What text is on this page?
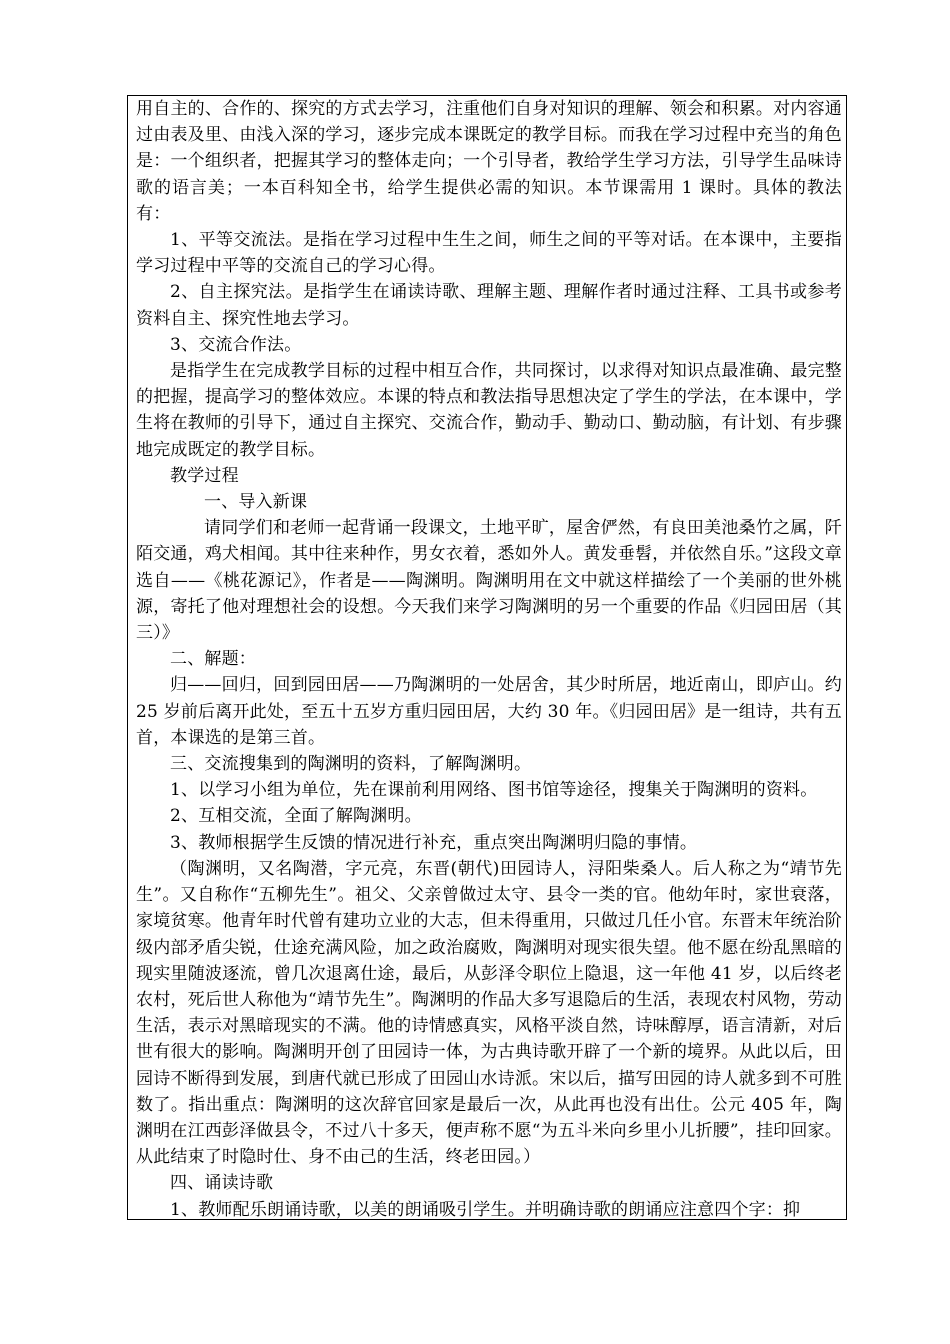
用自主的、合作的、探究的方式去学习，注重他们自身对知识的理解、领会和积累。对内容通过由表及里、由浅入深的学习，逐步完成本课既定的教学目标。而我在学习过程中充当的角色是：一个组织者，把握其学习的整体走向；一个引导者，教给学生学习方法，引导学生品味诗歌的语言美；一本百科知全书，给学生提供必需的知识。本节课需用 1 课时。具体的教法有：

1、平等交流法。是指在学习过程中生生之间，师生之间的平等对话。在本课中，主要指学习过程中平等的交流自己的学习心得。

2、自主探究法。是指学生在诵读诗歌、理解主题、理解作者时通过注释、工具书或参考资料自主、探究性地去学习。

3、交流合作法。

是指学生在完成教学目标的过程中相互合作，共同探讨，以求得对知识点最准确、最完整的把握，提高学习的整体效应。本课的特点和教法指导思想决定了学生的学法，在本课中，学生将在教师的引导下，通过自主探究、交流合作，勤动手、勤动口、勤动脑，有计划、有步骤地完成既定的教学目标。

教学过程

一、导入新课

请同学们和老师一起背诵一段课文，土地平旷，屋舍俨然，有良田美池桑竹之属，阡陌交通，鸡犬相闻。其中往来种作，男女衣着，悉如外人。黄发垂髫，并依然自乐。”这段文章选自——《桃花源记》，作者是——陶渊明。陶渊明用在文中就这样描绘了一个美丽的世外桃源，寄托了他对理想社会的设想。今天我们来学习陶渊明的另一个重要的作品《归园田居（其三）》

二、解题：

归——回归，回到园田居——乃陶渊明的一处居舍，其少时所居，地近南山，即庐山。约 25 岁前后离开此处，至五十五岁方重归园田居，大约 30 年。《归园田居》是一组诗，共有五首，本课选的是第三首。

三、交流搜集到的陶渊明的资料，了解陶渊明。

1、以学习小组为单位，先在课前利用网络、图书馆等途径，搜集关于陶渊明的资料。

2、互相交流，全面了解陶渊明。

3、教师根据学生反馈的情况进行补充，重点突出陶渊明归隐的事情。

（陶渊明，又名陶潜，字元亮，东晋(朝代)田园诗人，浔阳柴桑人。后人称之为“靖节先生”。又自称作“五柳先生”。祖父、父亲曾做过太守、县令一类的官。他幼年时，家世衰落，家境贫寒。他青年时代曾有建功立业的大志，但未得重用，只做过几任小官。东晋末年统治阶级内部矛盾尖锐，仕途充满风险，加之政治腐败，陶渊明对现实很失望。他不愿在纷乱黑暗的现实里随波逐流，曾几次退离仕途，最后，从彭泽令职位上隐退，这一年他 41 岁，以后终老农村，死后世人称他为“靖节先生”。陶渊明的作品大多写退隐后的生活，表现农村风物，劳动生活，表示对黑暗现实的不满。他的诗情感真实，风格平淡自然，诗味醇厚，语言清新，对后世有很大的影响。陶渊明开创了田园诗一体，为古典诗歌开辟了一个新的境界。从此以后，田园诗不断得到发展，到唐代就已形成了田园山水诗派。宋以后，描写田园的诗人就多到不可胜数了。指出重点：陶渊明的这次辞官回家是最后一次，从此再也没有出仕。公元 405 年，陶渊明在江西彭泽做县令，不过八十多天，便声称不愿“为五斗米向乡里小儿折腰”，挂印回家。从此结束了时隐时仕、身不由己的生活，终老田园。）

四、诵读诗歌

1、教师配乐朗诵诗歌，以美的朗诵吸引学生。并明确诗歌的朗诵应注意四个字：抑
